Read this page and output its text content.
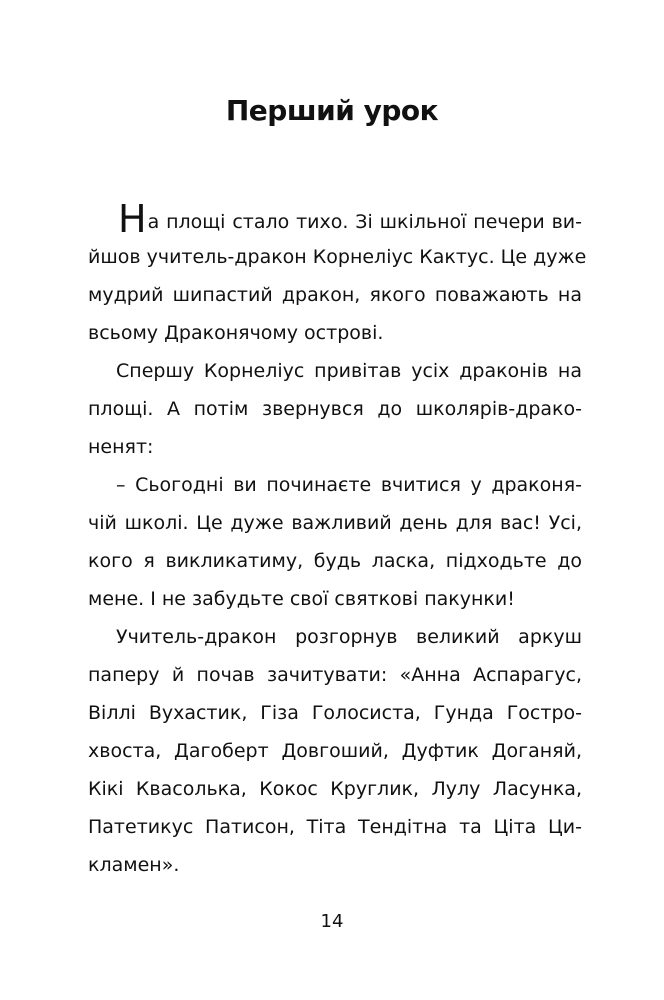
Перший урок
На площі стало тихо. Зі шкільної печери ви-
йшов учитель-дракон Корнеліус Кактус. Це дуже
мудрий шипастий дракон, якого поважають на
всьому Драконячому острові.
Спершу Корнеліус привітав усіх драконів на
площі. А потім звернувся до школярів-драко-
ненят:
– Сьогодні ви починаєте вчитися у драконя-
чій школі. Це дуже важливий день для вас! Усі,
кого я викликатиму, будь ласка, підходьте до
мене. І не забудьте свої святкові пакунки!
Учитель-дракон розгорнув великий аркуш
паперу й почав зачитувати: «Анна Аспарагус,
Віллі Вухастик, Гіза Голосиста, Гунда Гостро-
хвоста, Дагоберт Довгоший, Дуфтик Доганяй,
Кікі Квасолька, Кокос Круглик, Лулу Ласунка,
Патетикус Патисон, Тіта Тендітна та Ціта Ци-
кламен».
14
